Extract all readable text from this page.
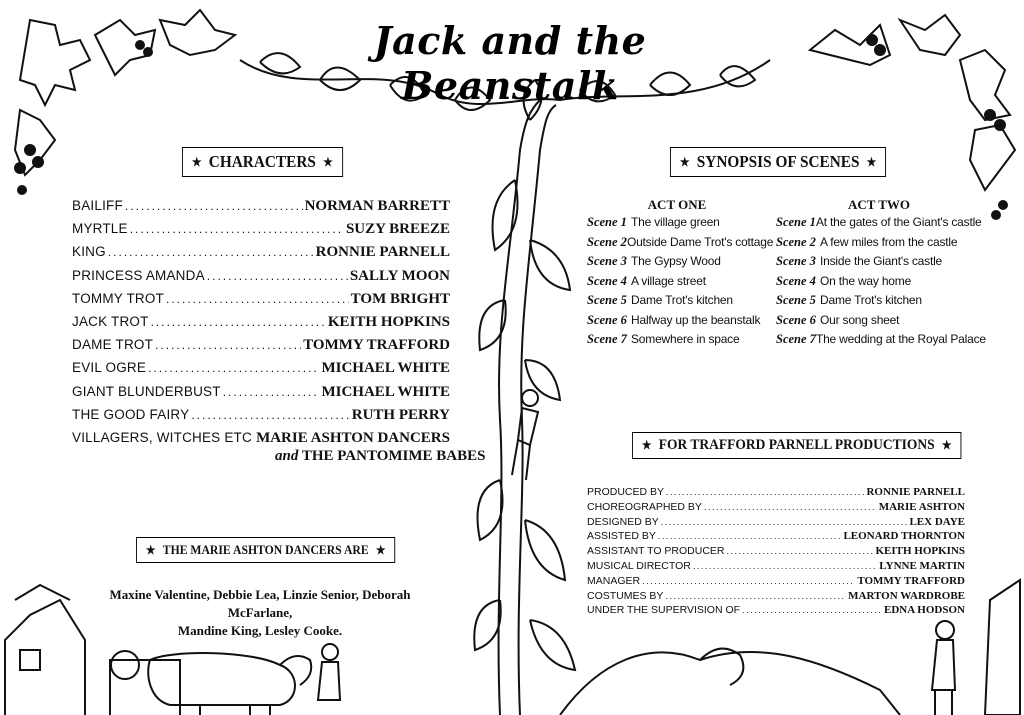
Jack and the Beanstalk
★ CHARACTERS ★
BAILIFF .....	NORMAN BARRETT
MYRTLE .....	SUZY BREEZE
KING .....	RONNIE PARNELL
PRINCESS AMANDA .....	SALLY MOON
TOMMY TROT .....	TOM BRIGHT
JACK TROT .....	KEITH HOPKINS
DAME TROT .....	TOMMY TRAFFORD
EVIL OGRE .....	MICHAEL WHITE
GIANT BLUNDERBUST .....	MICHAEL WHITE
THE GOOD FAIRY .....	RUTH PERRY
VILLAGERS, WITCHES ETC ..... MARIE ASHTON DANCERS
and THE PANTOMIME BABES
★ THE MARIE ASHTON DANCERS ARE ★
Maxine Valentine, Debbie Lea, Linzie Senior, Deborah McFarlane,
Mandine King, Lesley Cooke.
★ SYNOPSIS OF SCENES ★
ACT ONE
Scene 1 The village green
Scene 2 Outside Dame Trot's cottage
Scene 3 The Gypsy Wood
Scene 4 A village street
Scene 5 Dame Trot's kitchen
Scene 6 Halfway up the beanstalk
Scene 7 Somewhere in space
ACT TWO
Scene 1 At the gates of the Giant's castle
Scene 2 A few miles from the castle
Scene 3 Inside the Giant's castle
Scene 4 On the way home
Scene 5 Dame Trot's kitchen
Scene 6 Our song sheet
Scene 7 The wedding at the Royal Palace
★ FOR TRAFFORD PARNELL PRODUCTIONS ★
PRODUCED BY .....	RONNIE PARNELL
CHOREOGRAPHED BY .....	MARIE ASHTON
DESIGNED BY .....	LEX DAYE
ASSISTED BY .....	LEONARD THORNTON
ASSISTANT TO PRODUCER .....	KEITH HOPKINS
MUSICAL DIRECTOR .....	LYNNE MARTIN
MANAGER .....	TOMMY TRAFFORD
COSTUMES BY .....	MARTON WARDROBE
UNDER THE SUPERVISION OF .....	EDNA HODSON
